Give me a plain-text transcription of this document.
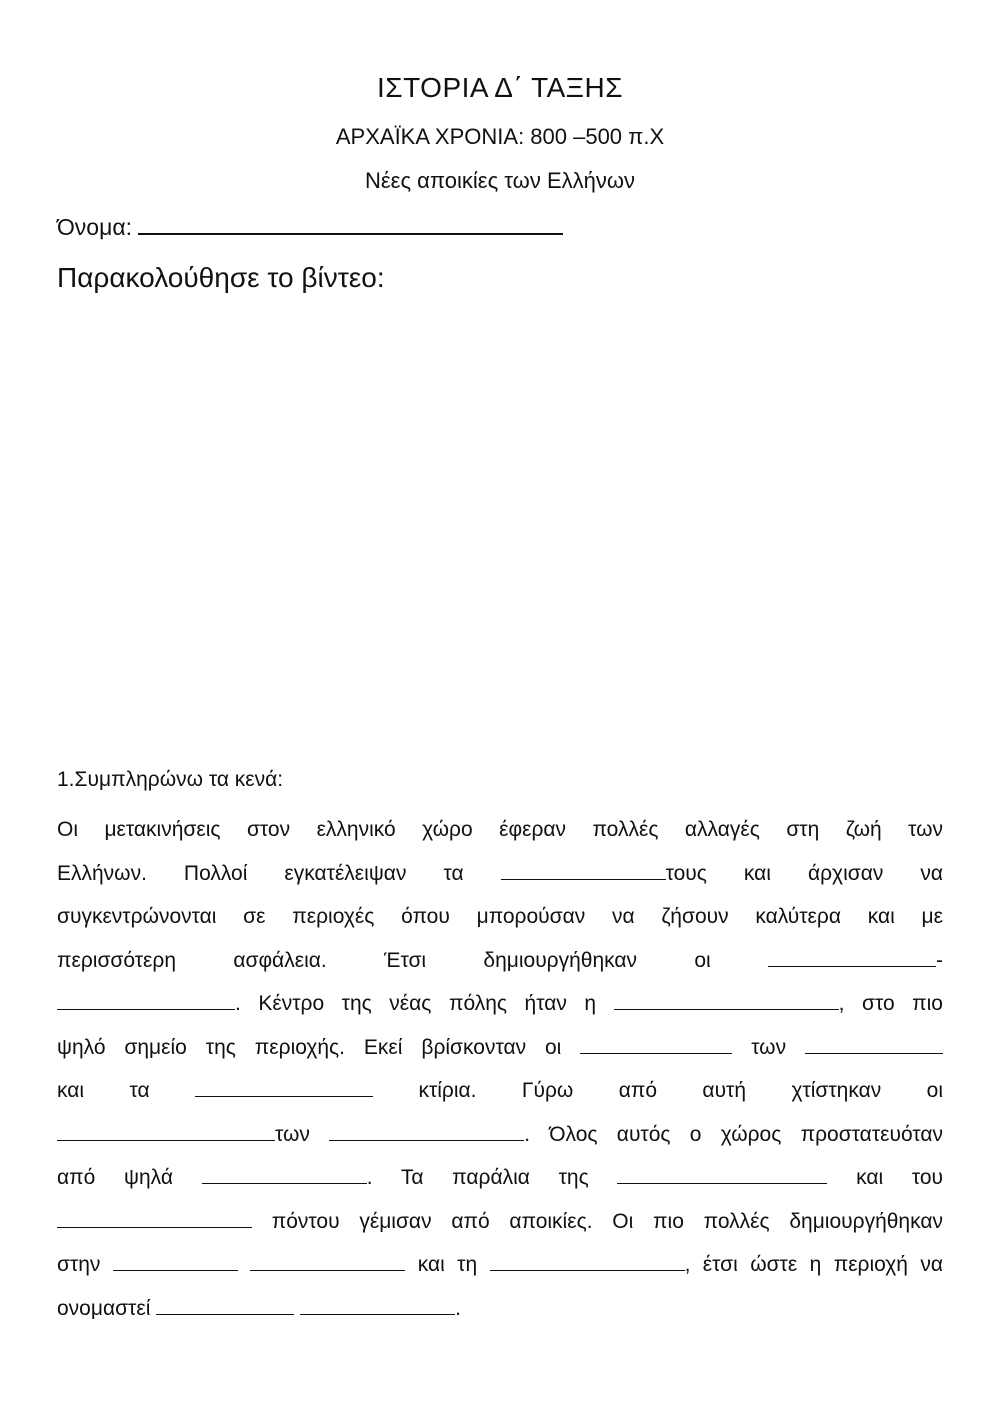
ΙΣΤΟΡΙΑ Δ΄ ΤΑΞΗΣ
ΑΡΧΑΪΚΑ ΧΡΟΝΙΑ: 800 –500 π.Χ
Νέες αποικίες των Ελλήνων
Όνομα:
Παρακολούθησε το βίντεο:
1.Συμπληρώνω τα κενά:
Οι μετακινήσεις στον ελληνικό χώρο έφεραν πολλές αλλαγές στη ζωή των
Ελλήνων. Πολλοί εγκατέλειψαν τα	τους και άρχισαν να
συγκεντρώνονται σε περιοχές όπου μπορούσαν να ζήσουν καλύτερα και με
περισσότερη ασφάλεια. Έτσι δημιουργήθηκαν οι	-
. Κέντρο της νέας πόλης ήταν η	, στο πιο
ψηλό σημείο της περιοχής. Εκεί βρίσκονταν οι	των
και τα	κτίρια. Γύρω από αυτή χτίστηκαν οι
των	. Όλος αυτός ο χώρος προστατευόταν
από ψηλά	. Τα παράλια της	και του
πόντου γέμισαν από αποικίες. Οι πιο πολλές δημιουργήθηκαν
στην	και τη	, έτσι ώστε η περιοχή να
ονομαστεί	.
